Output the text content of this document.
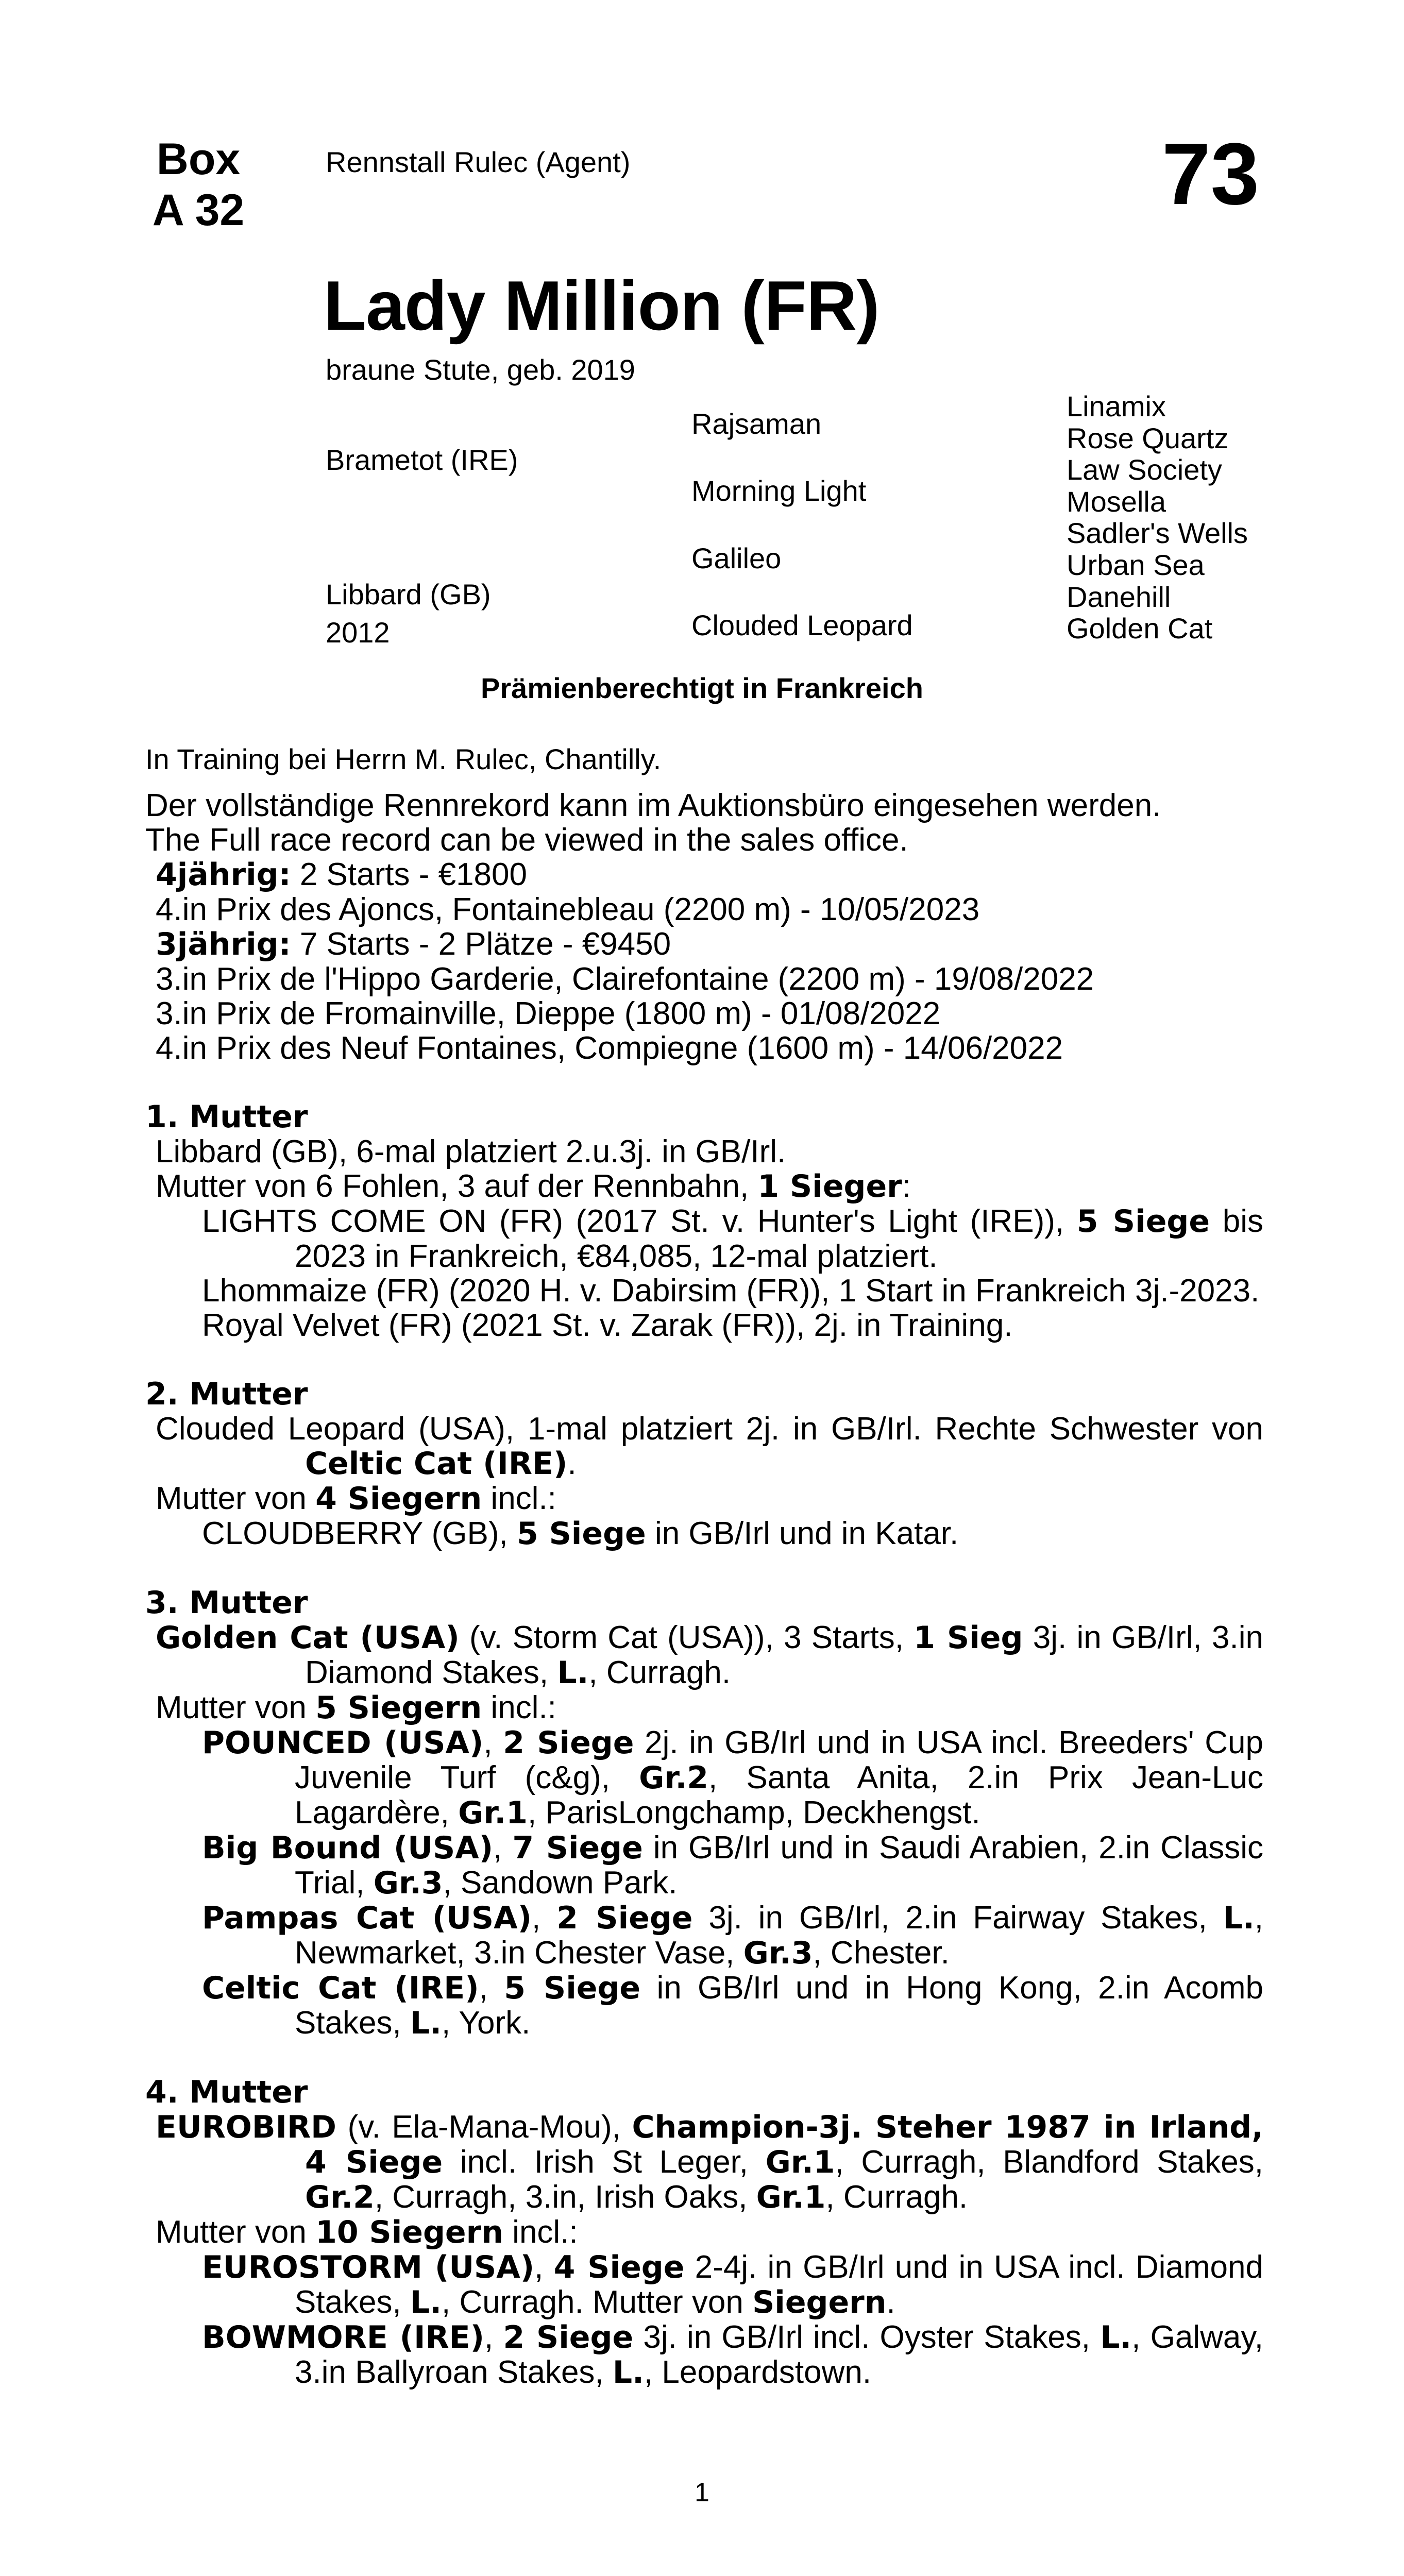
Box
A 32
Rennstall Rulec (Agent)	73
Lady Million (FR)
braune Stute, geb. 2019
Brametot (IRE)
Libbard (GB)
2012
Rajsaman
Morning Light
Galileo
Clouded Leopard
Linamix
Rose Quartz
Law Society
Mosella
Sadler's Wells
Urban Sea
Danehill
Golden Cat
Prämienberechtigt in Frankreich
In Training bei Herrn M. Rulec, Chantilly.
Der vollständige Rennrekord kann im Auktionsbüro eingesehen werden.
The Full race record can be viewed in the sales office.
4jährig: 2 Starts - €1800
4.in Prix des Ajoncs, Fontainebleau (2200 m) - 10/05/2023
3jährig: 7 Starts - 2 Plätze - €9450
3.in Prix de l'Hippo Garderie, Clairefontaine (2200 m) - 19/08/2022
3.in Prix de Fromainville, Dieppe (1800 m) - 01/08/2022
4.in Prix des Neuf Fontaines, Compiegne (1600 m) - 14/06/2022
1. Mutter
Libbard (GB), 6-mal platziert 2.u.3j. in GB/Irl.
Mutter von 6 Fohlen, 3 auf der Rennbahn, 1 Sieger:
LIGHTS COME ON (FR) (2017 St. v. Hunter's Light (IRE)), 5 Siege bis 2023 in Frankreich, €84,085, 12-mal platziert.
Lhommaize (FR) (2020 H. v. Dabirsim (FR)), 1 Start in Frankreich 3j.-2023.
Royal Velvet (FR) (2021 St. v. Zarak (FR)), 2j. in Training.
2. Mutter
Clouded Leopard (USA), 1-mal platziert 2j. in GB/Irl. Rechte Schwester von Celtic Cat (IRE).
Mutter von 4 Siegern incl.:
CLOUDBERRY (GB), 5 Siege in GB/Irl und in Katar.
3. Mutter
Golden Cat (USA) (v. Storm Cat (USA)), 3 Starts, 1 Sieg 3j. in GB/Irl, 3.in Diamond Stakes, L., Curragh.
Mutter von 5 Siegern incl.:
POUNCED (USA), 2 Siege 2j. in GB/Irl und in USA incl. Breeders' Cup Juvenile Turf (c&g), Gr.2, Santa Anita, 2.in Prix Jean-Luc Lagardère, Gr.1, ParisLongchamp, Deckhengst.
Big Bound (USA), 7 Siege in GB/Irl und in Saudi Arabien, 2.in Classic Trial, Gr.3, Sandown Park.
Pampas Cat (USA), 2 Siege 3j. in GB/Irl, 2.in Fairway Stakes, L., Newmarket, 3.in Chester Vase, Gr.3, Chester.
Celtic Cat (IRE), 5 Siege in GB/Irl und in Hong Kong, 2.in Acomb Stakes, L., York.
4. Mutter
EUROBIRD (v. Ela-Mana-Mou), Champion-3j. Steher 1987 in Irland, 4 Siege incl. Irish St Leger, Gr.1, Curragh, Blandford Stakes, Gr.2, Curragh, 3.in, Irish Oaks, Gr.1, Curragh.
Mutter von 10 Siegern incl.:
EUROSTORM (USA), 4 Siege 2-4j. in GB/Irl und in USA incl. Diamond Stakes, L., Curragh. Mutter von Siegern.
BOWMORE (IRE), 2 Siege 3j. in GB/Irl incl. Oyster Stakes, L., Galway, 3.in Ballyroan Stakes, L., Leopardstown.
1
